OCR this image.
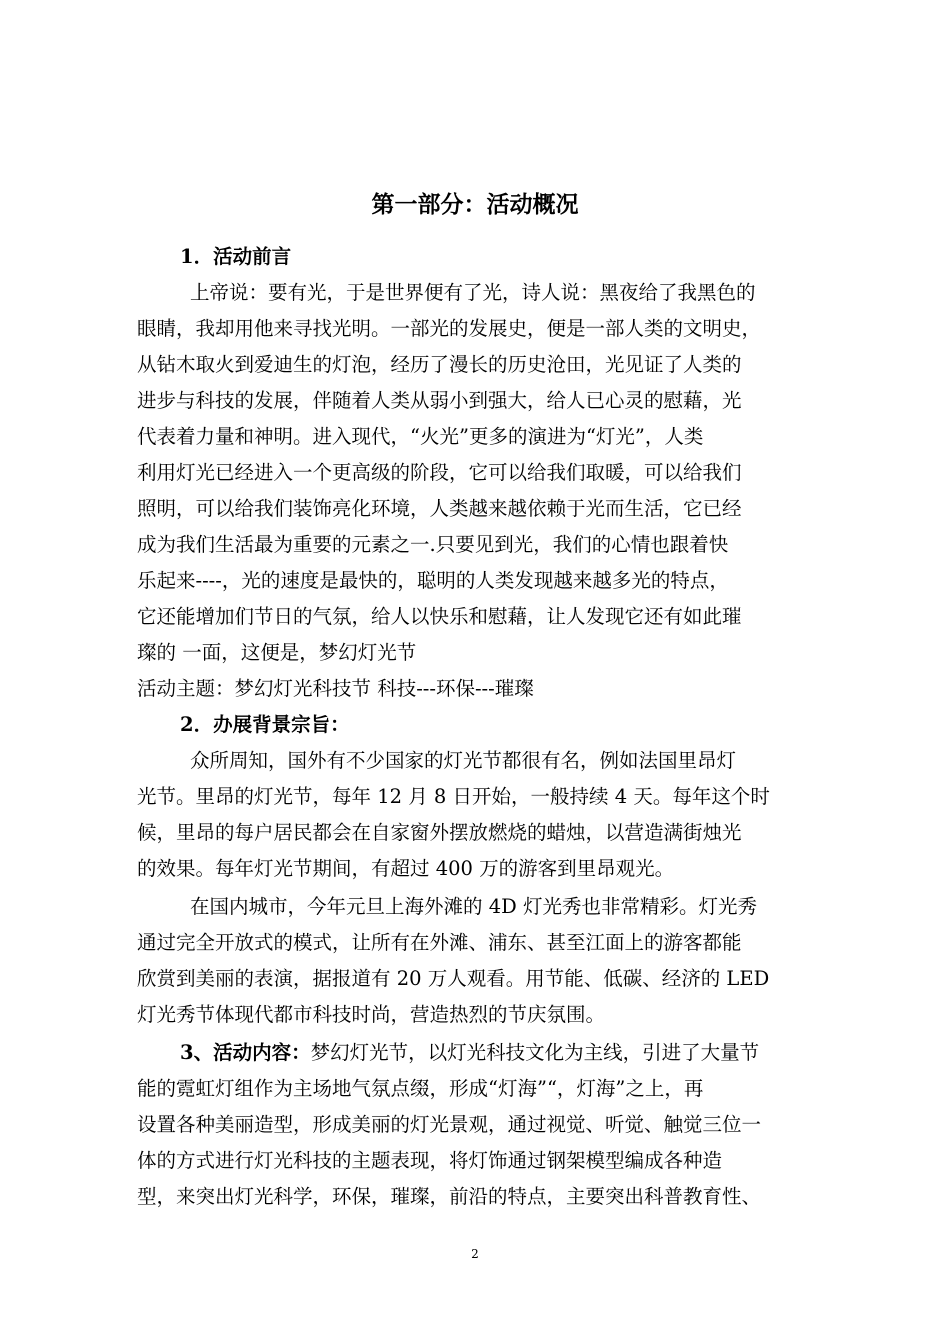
第一部分：活动概况
1．活动前言
上帝说：要有光，于是世界便有了光，诗人说：黑夜给了我黑色的
眼睛，我却用他来寻找光明。一部光的发展史，便是一部人类的文明史，
从钻木取火到爱迪生的灯泡，经历了漫长的历史沧田，光见证了人类的
进步与科技的发展，伴随着人类从弱小到强大，给人已心灵的慰藉，光
代表着力量和神明。进入现代，“火光”更多的演进为“灯光”，人类
利用灯光已经进入一个更高级的阶段，它可以给我们取暖，可以给我们
照明，可以给我们装饰亮化环境，人类越来越依赖于光而生活，它已经
成为我们生活最为重要的元素之一.只要见到光，我们的心情也跟着快
乐起来----，光的速度是最快的，聪明的人类发现越来越多光的特点，
它还能增加们节日的气氛，给人以快乐和慰藉，让人发现它还有如此璀
璨的 一面，这便是，梦幻灯光节
活动主题：梦幻灯光科技节 科技---环保---璀璨
2．办展背景宗旨：
众所周知，国外有不少国家的灯光节都很有名，例如法国里昂灯
光节。里昂的灯光节，每年 12 月 8 日开始，一般持续 4 天。每年这个时
候，里昂的每户居民都会在自家窗外摆放燃烧的蜡烛，以营造满街烛光
的效果。每年灯光节期间，有超过 400 万的游客到里昂观光。
在国内城市，今年元旦上海外滩的 4D 灯光秀也非常精彩。灯光秀
通过完全开放式的模式，让所有在外滩、浦东、甚至江面上的游客都能
欣赏到美丽的表演，据报道有 20 万人观看。用节能、低碳、经济的 LED
灯光秀节体现代都市科技时尚，营造热烈的节庆氛围。
3、活动内容：梦幻灯光节，以灯光科技文化为主线，引进了大量节
能的霓虹灯组作为主场地气氛点缀，形成“灯海”“，灯海”之上，再
设置各种美丽造型，形成美丽的灯光景观，通过视觉、听觉、触觉三位一
体的方式进行灯光科技的主题表现，将灯饰通过钢架模型编成各种造
型，来突出灯光科学，环保，璀璨，前沿的特点，主要突出科普教育性、
2
